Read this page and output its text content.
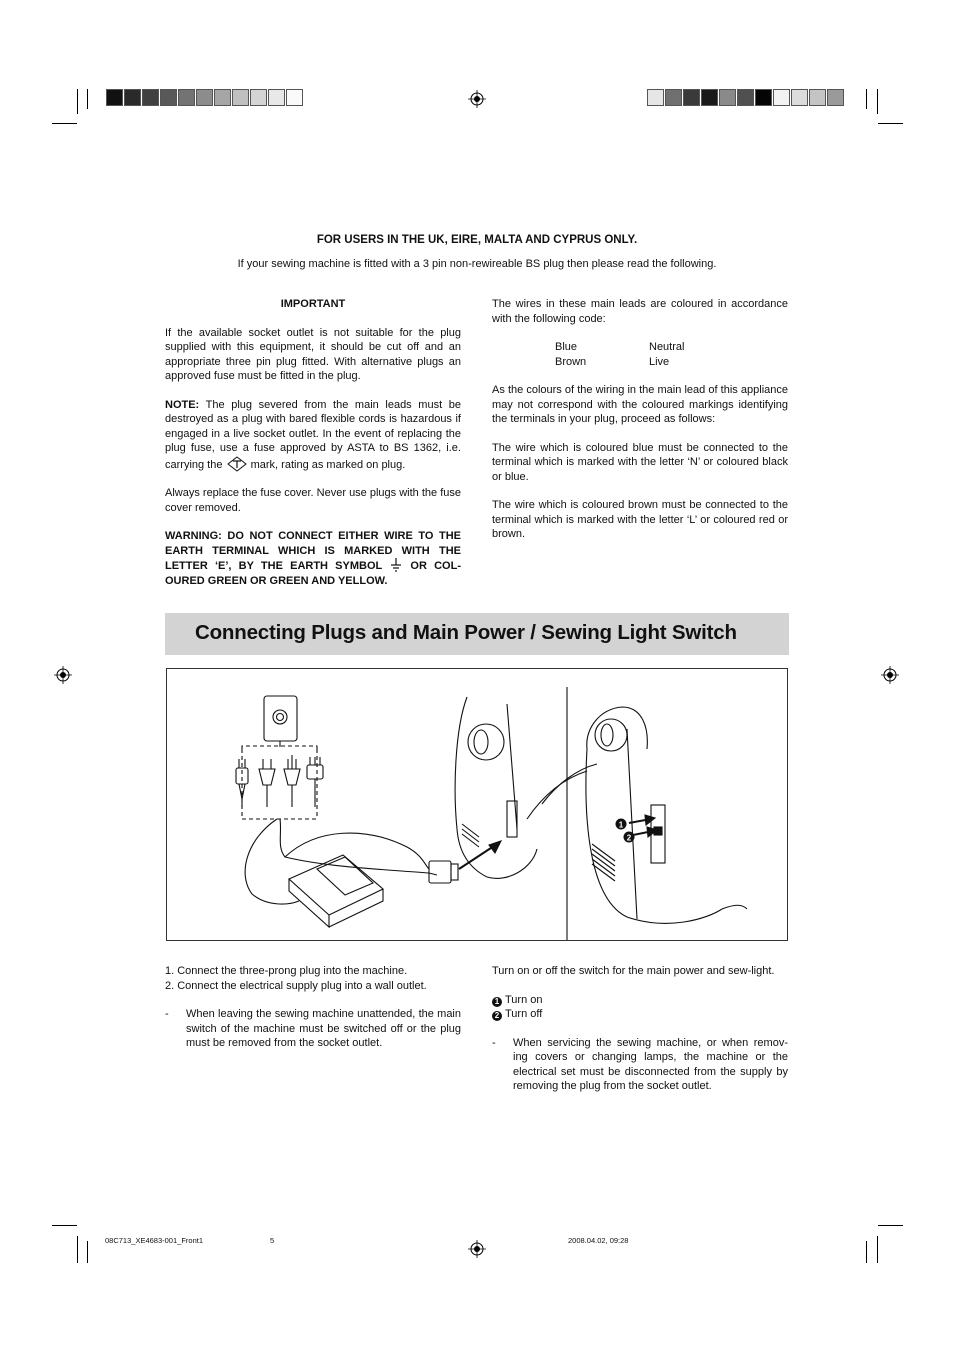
FOR USERS IN THE UK, EIRE, MALTA AND CYPRUS ONLY.
If your sewing machine is fitted with a 3 pin non-rewireable BS plug then please read the following.
IMPORTANT
If the available socket outlet is not suitable for the plug supplied with this equipment, it should be cut off and an appropriate three pin plug fitted. With alternative plugs an approved fuse must be fitted in the plug.
NOTE: The plug severed from the main leads must be destroyed as a plug with bared flexible cords is hazardous if engaged in a live socket outlet. In the event of replacing the plug fuse, use a fuse approved by ASTA to BS 1362, i.e. carrying the	mark, rating as marked on plug.
Always replace the fuse cover. Never use plugs with the fuse cover removed.
WARNING: DO NOT CONNECT EITHER WIRE TO THE EARTH TERMINAL WHICH IS MARKED WITH THE LETTER ‘E’, BY THE EARTH SYMBOL	OR COL- OURED GREEN OR GREEN AND YELLOW.
The wires in these main leads are coloured in accordance with the following code:
Blue	Neutral
Brown	Live
As the colours of the wiring in the main lead of this appliance may not correspond with the coloured markings identifying the terminals in your plug, proceed as follows:
The wire which is coloured blue must be connected to the terminal which is marked with the letter ‘N’ or coloured black or blue.
The wire which is coloured brown must be connected to the terminal which is marked with the letter ‘L’ or coloured red or brown.
Connecting Plugs and Main Power / Sewing Light Switch
1
2
1. Connect the three-prong plug into the machine.
2. Connect the electrical supply plug into a wall outlet.
- When leaving the sewing machine unattended, the main switch of the machine must be switched off or the plug must be removed from the socket outlet.
Turn on or off the switch for the main power and sew-light.
1 Turn on
2 Turn off
- When servicing the sewing machine, or when remov- ing covers or changing lamps, the machine or the electrical set must be disconnected from the supply by removing the plug from the socket outlet.
08C713_XE4683-001_Front1	5	2008.04.02, 09:28
